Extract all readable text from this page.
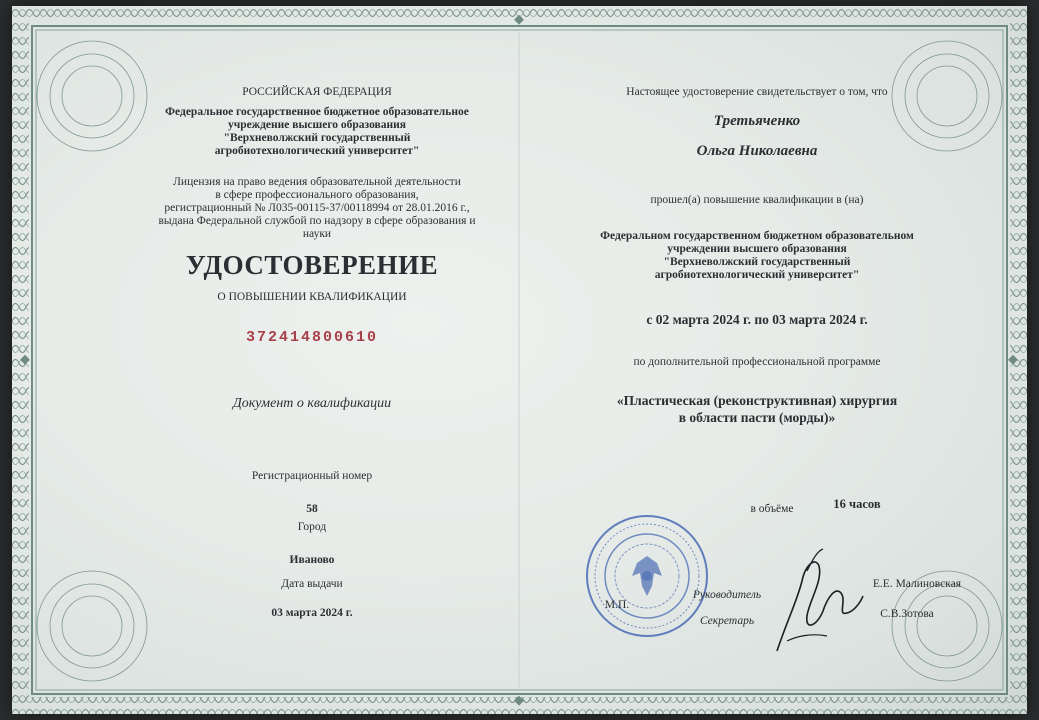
РОССИЙСКАЯ ФЕДЕРАЦИЯ
Федеральное государственное бюджетное образовательное
учреждение высшего образования
"Верхневолжский государственный
агробиотехнологический университет"
Лицензия на право ведения образовательной деятельности
в сфере профессионального образования,
регистрационный № Л035-00115-37/00118994 от 28.01.2016 г.,
выдана Федеральной службой по надзору в сфере образования и
науки
УДОСТОВЕРЕНИЕ
О ПОВЫШЕНИИ КВАЛИФИКАЦИИ
372414800610
Документ о квалификации
Регистрационный номер
58
Город
Иваново
Дата выдачи
03 марта 2024 г.
Настоящее удостоверение свидетельствует о том, что
Третьяченко
Ольга Николаевна
прошел(а) повышение квалификации в (на)
Федеральном государственном бюджетном образовательном
учреждении высшего образования
"Верхневолжский государственный
агробиотехнологический университет"
с 02 марта 2024 г. по 03 марта 2024 г.
по дополнительной профессиональной программе
«Пластическая (реконструктивная) хирургия
в области пасти (морды)»
в объёме	16 часов
М.П.
Руководитель
Секретарь
Е.Е. Малиновская
С.В.Зотова
